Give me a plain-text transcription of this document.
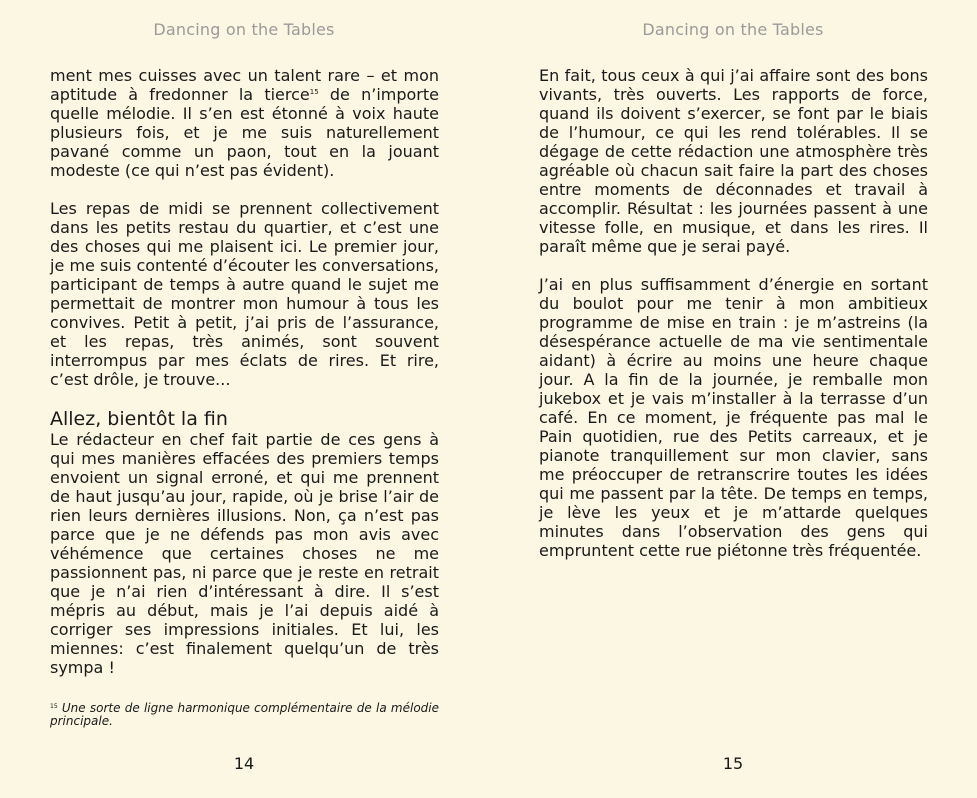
Dancing on the Tables

ment mes cuisses avec un talent rare – et mon aptitude à fredonner la tierce$^{15}$ de n’importe quelle mélodie. Il s’en est étonné à voix haute plusieurs fois, et je me suis naturellement pavané comme un paon, tout en la jouant modeste (ce qui n’est pas évident).

Les repas de midi se prennent collectivement dans les petits restau du quartier, et c’est une des choses qui me plaisent ici. Le premier jour, je me suis contenté d’écouter les conversations, participant de temps à autre quand le sujet me permettait de montrer mon humour à tous les convives. Petit à petit, j’ai pris de l’assurance, et les repas, très animés, sont souvent interrompus par mes éclats de rires. Et rire, c’est drôle, je trouve...

Allez, bientôt la fin

Le rédacteur en chef fait partie de ces gens à qui mes manières effacées des premiers temps envoient un signal erroné, et qui me prennent de haut jusqu’au jour, rapide, où je brise l’air de rien leurs dernières illusions. Non, ça n’est pas parce que je ne défends pas mon avis avec véhémence que certaines choses ne me passionnent pas, ni parce que je reste en retrait que je n’ai rien d’intéressant à dire. Il s’est mépris au début, mais je l’ai depuis aidé à corriger ses impressions initiales. Et lui, les miennes: c’est finalement quelqu’un de très sympa !

$^{15}$ Une sorte de ligne harmonique complémentaire de la mélodie principale.
14
Dancing on the Tables

En fait, tous ceux à qui j’ai affaire sont des bons vivants, très ouverts. Les rapports de force, quand ils doivent s’exercer, se font par le biais de l’humour, ce qui les rend tolérables. Il se dégage de cette rédaction une atmosphère très agréable où chacun sait faire la part des choses entre moments de déconnades et travail à accomplir. Résultat : les journées passent à une vitesse folle, en musique, et dans les rires. Il paraît même que je serai payé.

J’ai en plus suffisamment d’énergie en sortant du boulot pour me tenir à mon ambitieux programme de mise en train : je m’astreins (la désespérance actuelle de ma vie sentimentale aidant) à écrire au moins une heure chaque jour. A la fin de la journée, je remballe mon jukebox et je vais m’installer à la terrasse d’un café. En ce moment, je fréquente pas mal le Pain quotidien, rue des Petits carreaux, et je pianote tranquillement sur mon clavier, sans me préoccuper de retranscrire toutes les idées qui me passent par la tête. De temps en temps, je lève les yeux et je m’attarde quelques minutes dans l’observation des gens qui empruntent cette rue piétonne très fréquentée.

15
